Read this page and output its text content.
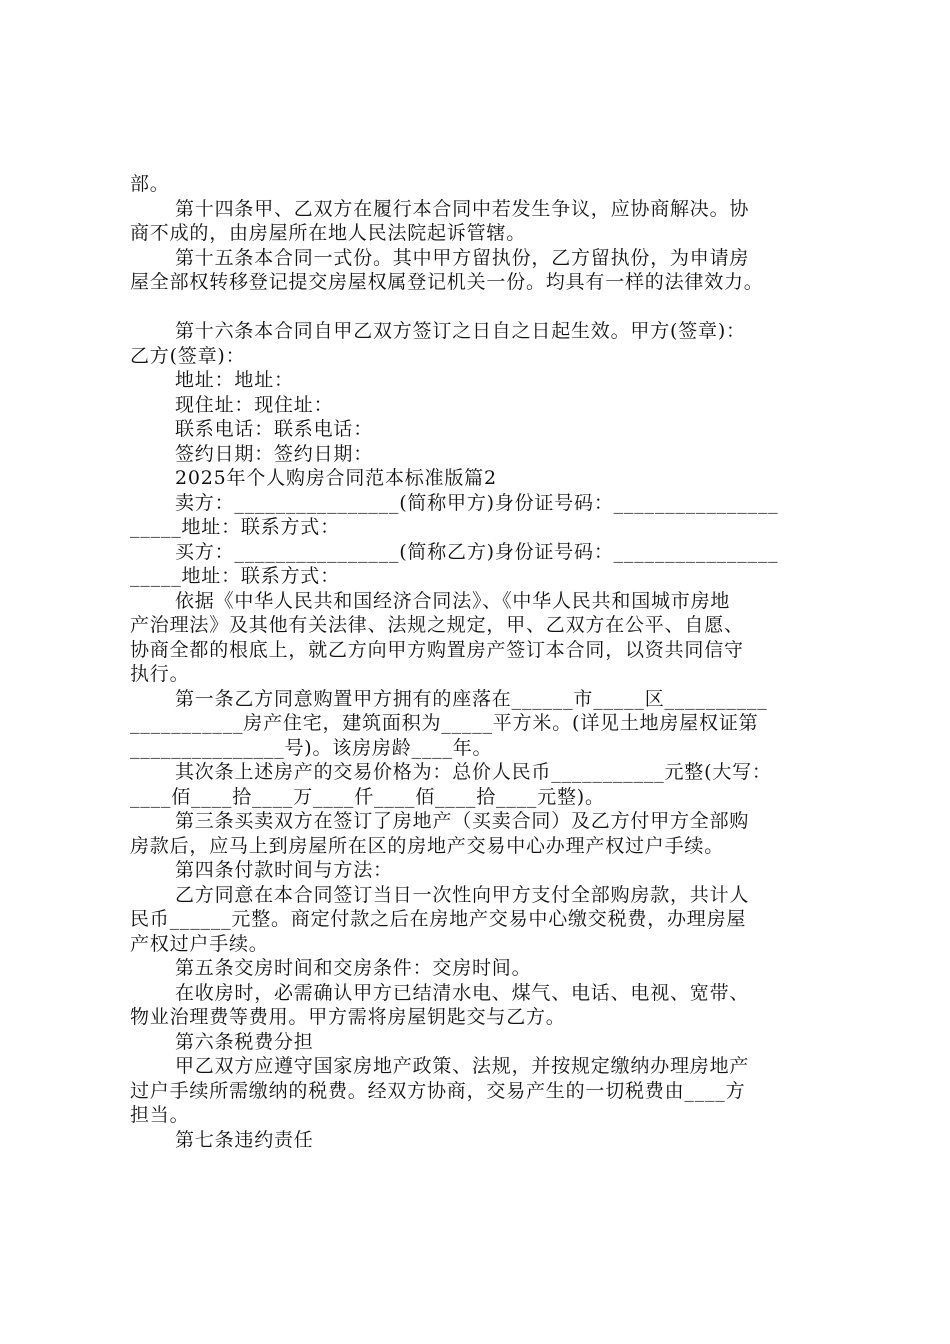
部。
第十四条甲、乙双方在履行本合同中若发生争议，应协商解决。协
商不成的，由房屋所在地人民法院起诉管辖。
第十五条本合同一式份。其中甲方留执份，乙方留执份，为申请房
屋全部权转移登记提交房屋权属登记机关一份。均具有一样的法律效力。
第十六条本合同自甲乙双方签订之日自之日起生效。甲方(签章)：
乙方(签章)：
地址：地址：
现住址：现住址：
联系电话：联系电话：
签约日期：签约日期：
2025年个人购房合同范本标准版篇2
卖方：________________(简称甲方)身份证号码：________________
_____地址：联系方式：
买方：________________(简称乙方)身份证号码：________________
_____地址：联系方式：
依据《中华人民共和国经济合同法》、《中华人民共和国城市房地
产治理法》及其他有关法律、法规之规定，甲、乙双方在公平、自愿、
协商全都的根底上，就乙方向甲方购置房产签订本合同，以资共同信守
执行。
第一条乙方同意购置甲方拥有的座落在______市_____区__________
___________房产住宅，建筑面积为_____平方米。(详见土地房屋权证第
_______________号)。该房房龄____年。
其次条上述房产的交易价格为：总价人民币___________元整(大写：
____佰____拾____万____仟____佰____拾____元整)。
第三条买卖双方在签订了房地产（买卖合同）及乙方付甲方全部购
房款后，应马上到房屋所在区的房地产交易中心办理产权过户手续。
第四条付款时间与方法：
乙方同意在本合同签订当日一次性向甲方支付全部购房款，共计人
民币______元整。商定付款之后在房地产交易中心缴交税费，办理房屋
产权过户手续。
第五条交房时间和交房条件：交房时间。
在收房时，必需确认甲方已结清水电、煤气、电话、电视、宽带、
物业治理费等费用。甲方需将房屋钥匙交与乙方。
第六条税费分担
甲乙双方应遵守国家房地产政策、法规，并按规定缴纳办理房地产
过户手续所需缴纳的税费。经双方协商，交易产生的一切税费由____方
担当。
第七条违约责任
